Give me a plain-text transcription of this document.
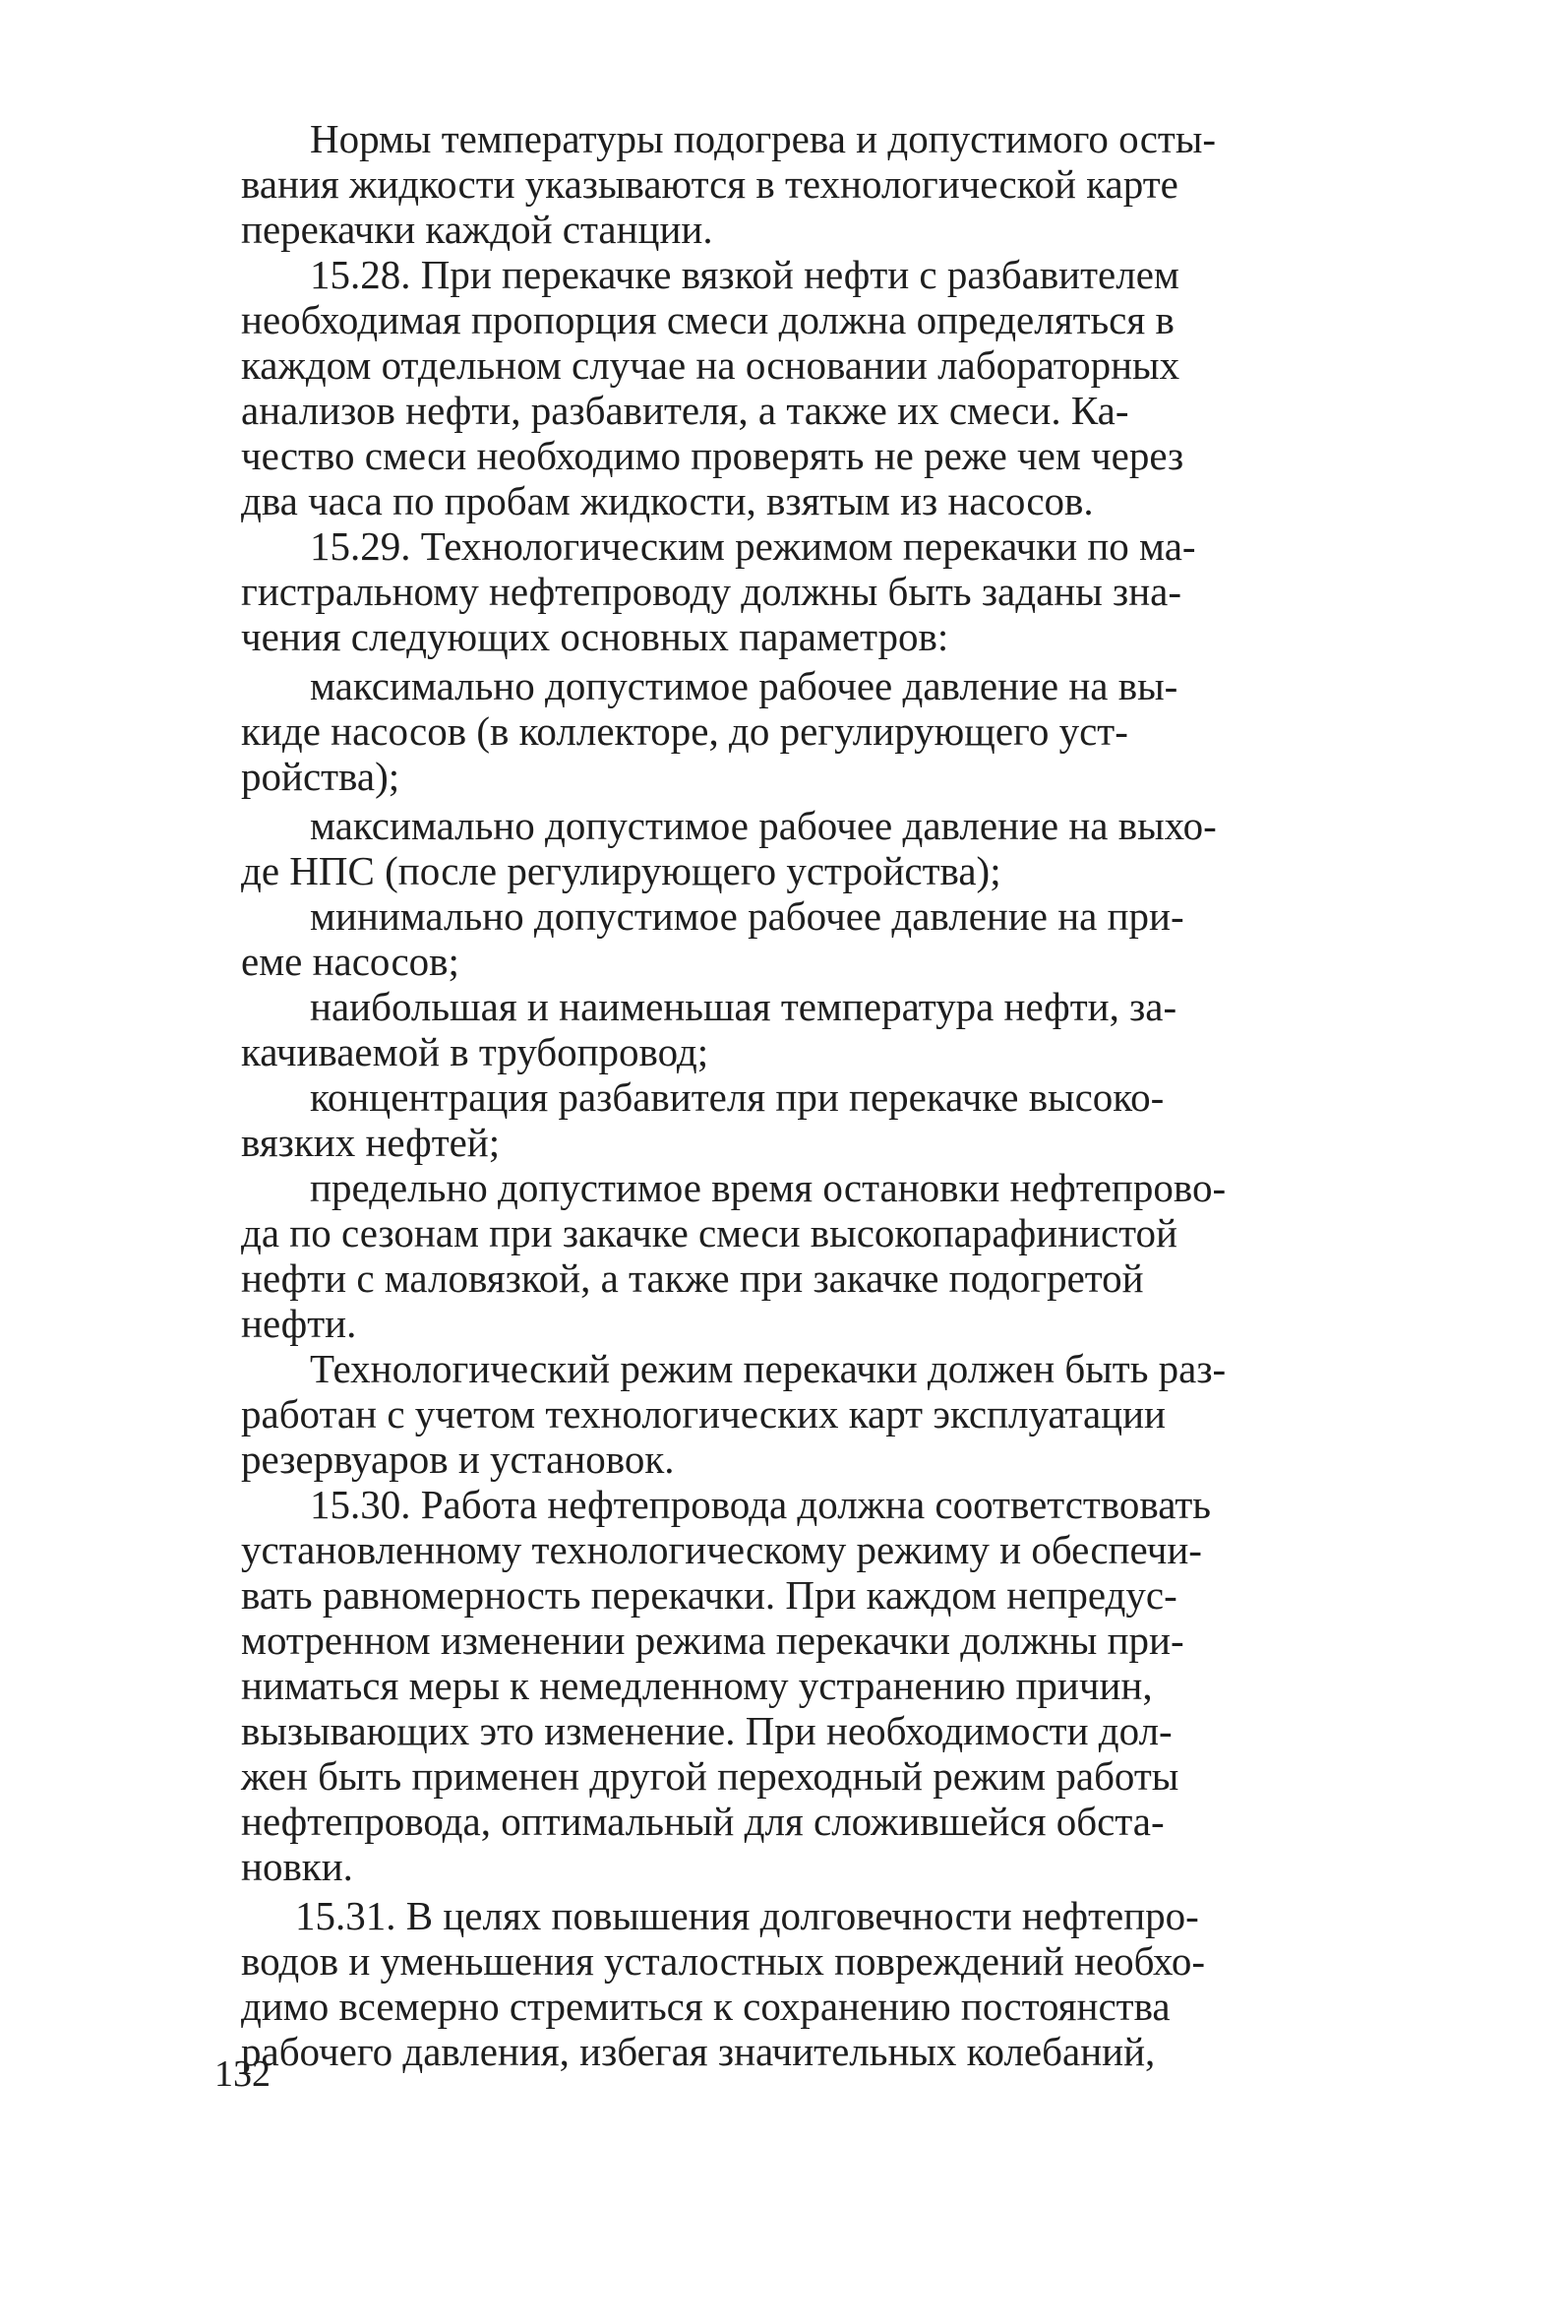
Нормы температуры подогрева и допустимого осты-
вания жидкости указываются в технологической карте
перекачки каждой станции.
15.28. При перекачке вязкой нефти с разбавителем
необходимая пропорция смеси должна определяться в
каждом отдельном случае на основании лабораторных
анализов нефти, разбавителя, а также их смеси. Ка-
чество смеси необходимо проверять не реже чем через
два часа по пробам жидкости, взятым из насосов.
15.29. Технологическим режимом перекачки по ма-
гистральному нефтепроводу должны быть заданы зна-
чения следующих основных параметров:
максимально допустимое рабочее давление на вы-
киде насосов (в коллекторе, до регулирующего уст-
ройства);
максимально допустимое рабочее давление на выхо-
де НПС (после регулирующего устройства);
минимально допустимое рабочее давление на при-
еме насосов;
наибольшая и наименьшая температура нефти, за-
качиваемой в трубопровод;
концентрация разбавителя при перекачке высоко-
вязких нефтей;
предельно допустимое время остановки нефтепрово-
да по сезонам при закачке смеси высокопарафинистой
нефти с маловязкой, а также при закачке подогретой
нефти.
Технологический режим перекачки должен быть раз-
работан с учетом технологических карт эксплуатации
резервуаров и установок.
15.30. Работа нефтепровода должна соответствовать
установленному технологическому режиму и обеспечи-
вать равномерность перекачки. При каждом непредус-
мотренном изменении режима перекачки должны при-
ниматься меры к немедленному устранению причин,
вызывающих это изменение. При необходимости дол-
жен быть применен другой переходный режим работы
нефтепровода, оптимальный для сложившейся обста-
новки.
15.31. В целях повышения долговечности нефтепро-
водов и уменьшения усталостных повреждений необхо-
димо всемерно стремиться к сохранению постоянства
рабочего давления, избегая значительных колебаний,
132
